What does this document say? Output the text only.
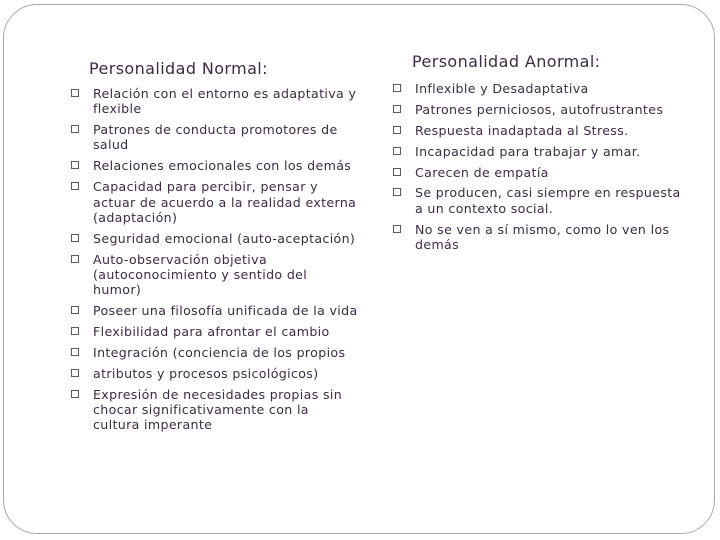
Personalidad Normal:
Relación con el entorno es adaptativa y flexible
Patrones de conducta promotores de salud
Relaciones emocionales con los demás
Capacidad para percibir, pensar y actuar de acuerdo a la realidad externa (adaptación)
Seguridad emocional (auto-aceptación)
Auto-observación objetiva (autoconocimiento y sentido del humor)
Poseer una filosofía unificada de la vida
Flexibilidad para afrontar el cambio
Integración (conciencia de los propios
atributos y procesos psicológicos)
Expresión de necesidades propias sin chocar significativamente con la cultura imperante
Personalidad Anormal:
Inflexible y Desadaptativa
Patrones perniciosos, autofrustrantes
Respuesta inadaptada al Stress.
Incapacidad para trabajar y amar.
Carecen de empatía
Se producen, casi siempre en respuesta a un contexto social.
No se ven a sí mismo, como lo ven los demás
